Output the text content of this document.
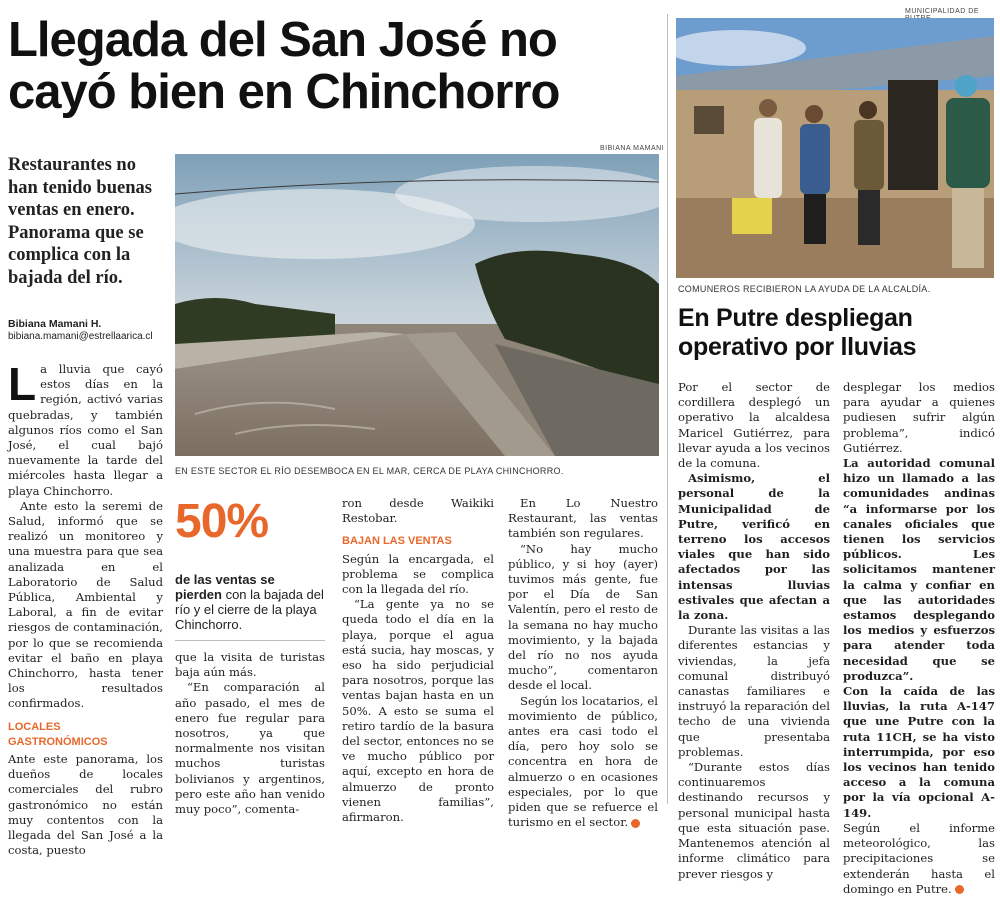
Llegada del San José no cayó bien en Chinchorro
Restaurantes no han tenido buenas ventas en enero. Panorama que se complica con la bajada del río.
Bibiana Mamani H.
bibiana.mamani@estrellaarica.cl
BIBIANA MAMANI
EN ESTE SECTOR EL RÍO DESEMBOCA EN EL MAR, CERCA DE PLAYA CHINCHORRO.
L a lluvia que cayó estos días en la región, activó varias quebradas, y también algunos ríos como el San José, el cual bajó nuevamente la tarde del miércoles hasta llegar a playa Chinchorro.

Ante esto la seremi de Salud, informó que se realizó un monitoreo y una muestra para que sea analizada en el Laboratorio de Salud Pública, Ambiental y Laboral, a fin de evitar riesgos de contaminación, por lo que se recomienda evitar el baño en playa Chinchorro, hasta tener los resultados confirmados.

LOCALES GASTRONÓMICOS

Ante este panorama, los dueños de locales comerciales del rubro gastronómico no están muy contentos con la llegada del San José a la costa, puesto

50%
de las ventas se pierden con la bajada del río y el cierre de la playa Chinchorro.

que la visita de turistas baja aún más.

“En comparación al año pasado, el mes de enero fue regular para nosotros, ya que normalmente nos visitan muchos turistas bolivianos y argentinos, pero este año han venido muy poco”, comenta-

ron desde Waikiki Restobar.

BAJAN LAS VENTAS

Según la encargada, el problema se complica con la llegada del río.

“La gente ya no se queda todo el día en la playa, porque el agua está sucia, hay moscas, y eso ha sido perjudicial para nosotros, porque las ventas bajan hasta en un 50%. A esto se suma el retiro tardío de la basura del sector, entonces no se ve mucho público por aquí, excepto en hora de almuerzo de pronto vienen familias”, afirmaron.

En Lo Nuestro Restaurant, las ventas también son regulares.

“No hay mucho público, y si hoy (ayer) tuvimos más gente, fue por el Día de San Valentín, pero el resto de la semana no hay mucho movimiento, y la bajada del río no nos ayuda mucho”, comentaron desde el local.

Según los locatarios, el movimiento de público, antes era casi todo el día, pero hoy solo se concentra en hora de almuerzo o en ocasiones especiales, por lo que piden que se refuerce el turismo en el sector.

MUNICIPALIDAD DE
COMUNEROS RECIBIERON LA AYUDA DE LA ALCALDÍA.
En Putre despliegan operativo por lluvias

Por el sector de cordillera desplegó un operativo la alcaldesa Maricel Gutiérrez, para llevar ayuda a los vecinos de la comuna.

Asimismo, el personal de la Municipalidad de Putre, verificó en terreno los accesos viales que han sido afectados por las intensas lluvias estivales que afectan a la zona.

Durante las visitas a las diferentes estancias y viviendas, la jefa comunal distribuyó canastas familiares e instruyó la reparación del techo de una vivienda que presentaba problemas.

“Durante estos días continuaremos destinando recursos y personal municipal hasta que esta situación pase. Mantenemos atención al informe climático para prever riesgos y

desplegar los medios para ayudar a quienes pudiesen sufrir algún problema”, indicó Gutiérrez.

La autoridad comunal hizo un llamado a las comunidades andinas “a informarse por los canales oficiales que tienen los servicios públicos. Les solicitamos mantener la calma y confiar en que las autoridades estamos desplegando los medios y esfuerzos para atender toda necesidad que se produzca”.

Con la caída de las lluvias, la ruta A-147 que une Putre con la ruta 11CH, se ha visto interrumpida, por eso los vecinos han tenido acceso a la comuna por la vía opcional A-149.

Según el informe meteorológico, las precipitaciones se extenderán hasta el domingo en Putre.
